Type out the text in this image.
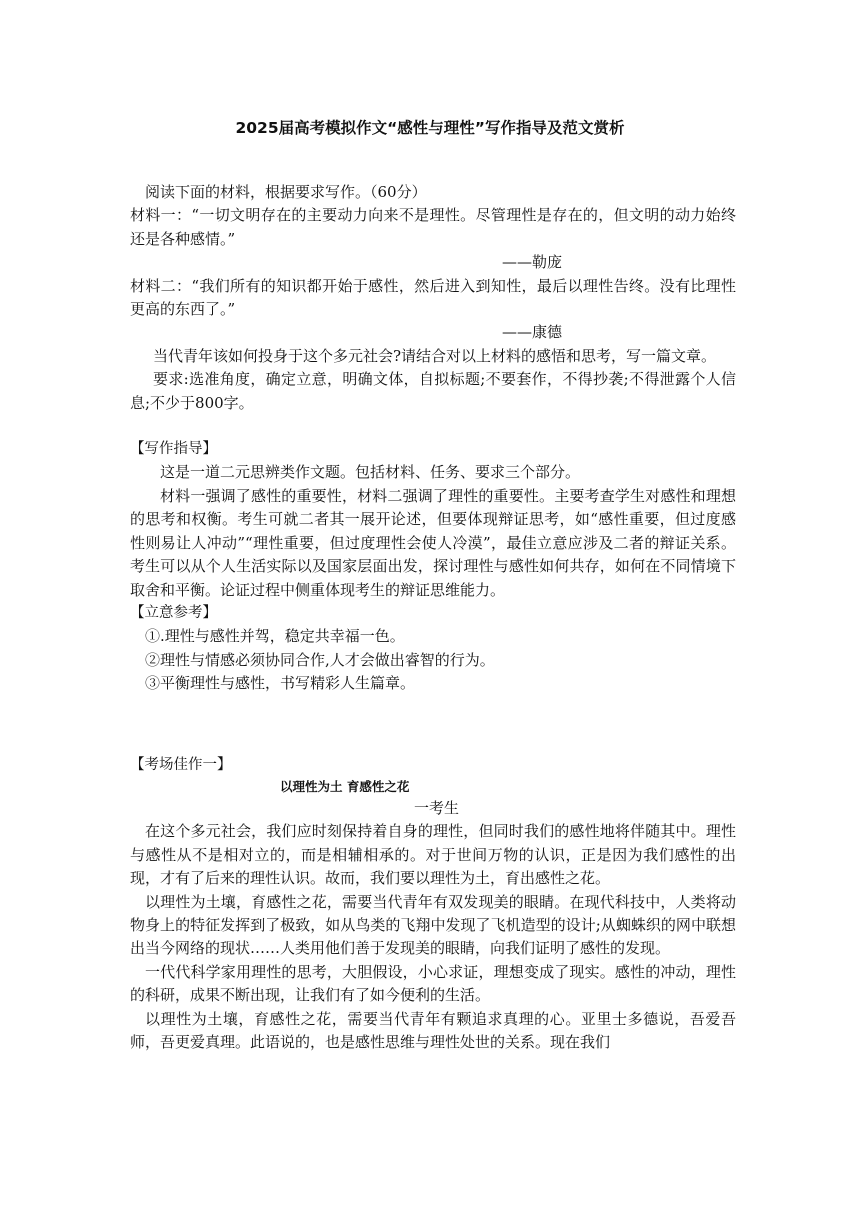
2025届高考模拟作文“感性与理性”写作指导及范文赏析

阅读下面的材料，根据要求写作。（60分）

材料一：“一切文明存在的主要动力向来不是理性。尽管理性是存在的，但文明的动力始终还是各种感情。”

——勒庞

材料二：“我们所有的知识都开始于感性，然后进入到知性，最后以理性告终。没有比理性更高的东西了。”

——康德

当代青年该如何投身于这个多元社会?请结合对以上材料的感悟和思考，写一篇文章。

要求:选准角度，确定立意，明确文体，自拟标题;不要套作，不得抄袭;不得泄露个人信息;不少于800字。

【写作指导】

这是一道二元思辨类作文题。包括材料、任务、要求三个部分。

材料一强调了感性的重要性，材料二强调了理性的重要性。主要考查学生对感性和理想的思考和权衡。考生可就二者其一展开论述，但要体现辩证思考，如“感性重要，但过度感性则易让人冲动”“理性重要，但过度理性会使人冷漠”，最佳立意应涉及二者的辩证关系。考生可以从个人生活实际以及国家层面出发，探讨理性与感性如何共存，如何在不同情境下取舍和平衡。论证过程中侧重体现考生的辩证思维能力。

【立意参考】

①.理性与感性并驾，稳定共幸福一色。

②理性与情感必须协同合作,人才会做出睿智的行为。

③平衡理性与感性，书写精彩人生篇章。

【考场佳作一】

以理性为土 育感性之花

一考生

在这个多元社会，我们应时刻保持着自身的理性，但同时我们的感性地将伴随其中。理性与感性从不是相对立的，而是相辅相承的。对于世间万物的认识，正是因为我们感性的出现，才有了后来的理性认识。故而，我们要以理性为土，育出感性之花。

以理性为土壤，育感性之花，需要当代青年有双发现美的眼睛。在现代科技中，人类将动物身上的特征发挥到了极致，如从鸟类的飞翔中发现了飞机造型的设计;从蜘蛛织的网中联想出当今网络的现状……人类用他们善于发现美的眼睛，向我们证明了感性的发现。

一代代科学家用理性的思考，大胆假设，小心求证，理想变成了现实。感性的冲动，理性的科研，成果不断出现，让我们有了如今便利的生活。

以理性为土壤，育感性之花，需要当代青年有颗追求真理的心。亚里士多德说，吾爱吾师，吾更爱真理。此语说的，也是感性思维与理性处世的关系。现在我们
